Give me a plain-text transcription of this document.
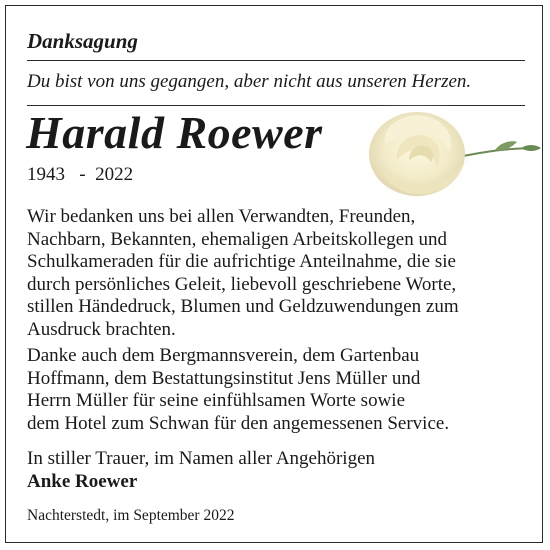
Danksagung

Du bist von uns gegangen, aber nicht aus unseren Herzen.

Harald Roewer

1943   -  2022

Wir bedanken uns bei allen Verwandten, Freunden,

Nachbarn, Bekannten, ehemaligen Arbeitskollegen und

Schulkameraden für die aufrichtige Anteilnahme, die sie

durch persönliches Geleit, liebevoll geschriebene Worte,

stillen Händedruck, Blumen und Geldzuwendungen zum

Ausdruck brachten.

Danke auch dem Bergmannsverein, dem Gartenbau

Hoffmann, dem Bestattungsinstitut Jens Müller und

Herrn Müller für seine einfühlsamen Worte sowie

dem Hotel zum Schwan für den angemessenen Service.

In stiller Trauer, im Namen aller Angehörigen

Anke Roewer

Nachterstedt, im September 2022
